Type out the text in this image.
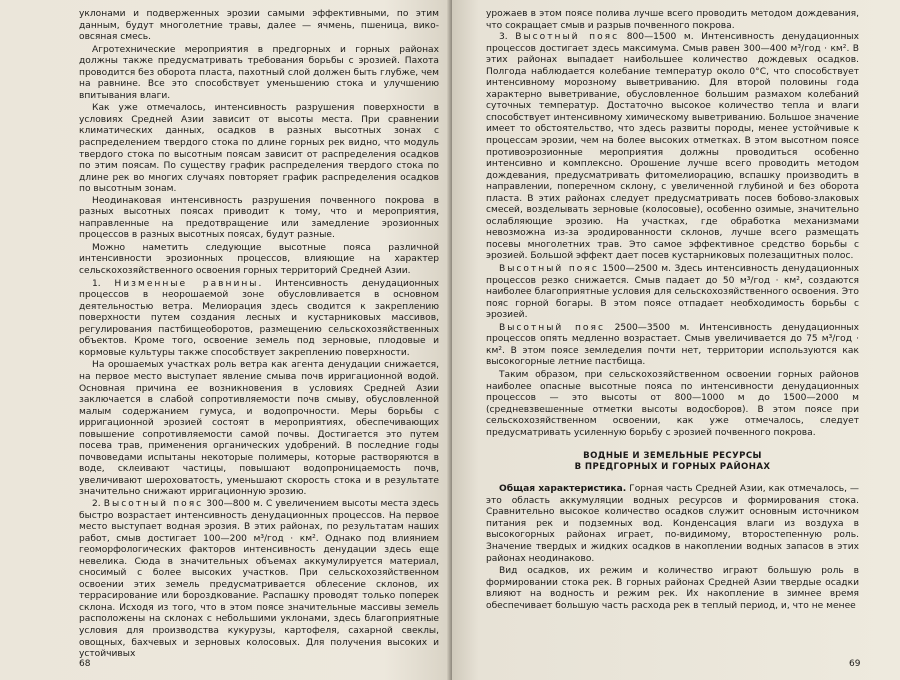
уклонами и подверженных эрозии самыми эффективными, по этим данным, будут многолетние травы, далее — ячмень, пшеница, вико-овсяная смесь.

Агротехнические мероприятия в предгорных и горных районах должны также предусматривать требования борьбы с эрозией. Пахота проводится без оборота пласта, пахотный слой должен быть глубже, чем на равнине. Все это способствует уменьшению стока и улучшению впитывания влаги.

Как уже отмечалось, интенсивность разрушения поверхности в условиях Средней Азии зависит от высоты места. При сравнении климатических данных, осадков в разных высотных зонах с распределением твердого стока по длине горных рек видно, что модуль твердого стока по высотным поясам зависит от распределения осадков по этим поясам. По существу график распределения твердого стока по длине рек во многих случаях повторяет график распределения осадков по высотным зонам.

Неодинаковая интенсивность разрушения почвенного покрова в разных высотных поясах приводит к тому, что и мероприятия, направленные на предотвращение или замедление эрозионных процессов в разных высотных поясах, будут разные.

Можно наметить следующие высотные пояса различной интенсивности эрозионных процессов, влияющие на характер сельскохозяйственного освоения горных территорий Средней Азии.

1. Низменные равнины. Интенсивность денудационных процессов в неорошаемой зоне обусловливается в основном деятельностью ветра. Мелиорация здесь сводится к закреплению поверхности путем создания лесных и кустарниковых массивов, регулирования пастбищеоборотов, размещению сельскохозяйственных объектов. Кроме того, освоение земель под зерновые, плодовые и кормовые культуры также способствует закреплению поверхности.

На орошаемых участках роль ветра как агента денудации снижается, на первое место выступает явление смыва почв ирригационной водой. Основная причина ее возникновения в условиях Средней Азии заключается в слабой сопротивляемости почв смыву, обусловленной малым содержанием гумуса, и водопрочности. Меры борьбы с ирригационной эрозией состоят в мероприятиях, обеспечивающих повышение сопротивляемости самой почвы. Достигается это путем посева трав, применения органических удобрений. В последние годы почвоведами испытаны некоторые полимеры, которые растворяются в воде, склеивают частицы, повышают водопроницаемость почв, увеличивают шероховатость, уменьшают скорость стока и в результате значительно снижают ирригационную эрозию.

2. Высотный пояс 300—800 м. С увеличением высоты места здесь быстро возрастает интенсивность денудационных процессов. На первое место выступает водная эрозия. В этих районах, по результатам наших работ, смыв достигает 100—200 м³/год · км². Однако под влиянием геоморфологических факторов интенсивность денудации здесь еще невелика. Сюда в значительных объемах аккумулируется материал, сносимый с более высоких участков. При сельскохозяйственном освоении этих земель предусматривается облесение склонов, их террасирование или бороздкование. Распашку проводят только поперек склона. Исходя из того, что в этом поясе значительные массивы земель расположены на склонах с небольшими уклонами, здесь благоприятные условия для производства кукурузы, картофеля, сахарной свеклы, овощных, бахчевых и зерновых колосовых. Для получения высоких и устойчивых

68

урожаев в этом поясе полива лучше всего проводить методом дождевания, что сокращает смыв и разрыв почвенного покрова.

3. Высотный пояс 800—1500 м. Интенсивность денудационных процессов достигает здесь максимума. Смыв равен 300—400 м³/год · км². В этих районах выпадает наибольшее количество дождевых осадков. Полгода наблюдается колебание температур около 0°С, что способствует интенсивному морозному выветриванию. Для второй половины года характерно выветривание, обусловленное большим размахом колебаний суточных температур. Достаточно высокое количество тепла и влаги способствует интенсивному химическому выветриванию. Большое значение имеет то обстоятельство, что здесь развиты породы, менее устойчивые к процессам эрозии, чем на более высоких отметках. В этом высотном поясе противоэрозионные мероприятия должны проводиться особенно интенсивно и комплексно. Орошение лучше всего проводить методом дождевания, предусматривать фитомелиорацию, вспашку производить в направлении, поперечном склону, с увеличенной глубиной и без оборота пласта. В этих районах следует предусматривать посев бобово-злаковых смесей, возделывать зерновые (колосовые), особенно озимые, значительно ослабляющие эрозию. На участках, где обработка механизмами невозможна из-за эродированности склонов, лучше всего размещать посевы многолетних трав. Это самое эффективное средство борьбы с эрозией. Большой эффект дает посев кустарниковых полезащитных полос.

Высотный пояс 1500—2500 м. Здесь интенсивность денудационных процессов резко снижается. Смыв падает до 50 м³/год · км², создаются наиболее благоприятные условия для сельскохозяйственного освоения. Это пояс горной богары. В этом поясе отпадает необходимость борьбы с эрозией.

Высотный пояс 2500—3500 м. Интенсивность денудационных процессов опять медленно возрастает. Смыв увеличивается до 75 м³/год · км². В этом поясе земледелия почти нет, территории используются как высокогорные летние пастбища.

Таким образом, при сельскохозяйственном освоении горных районов наиболее опасные высотные пояса по интенсивности денудационных процессов — это высоты от 800—1000 м до 1500—2000 м (средневзвешенные отметки высоты водосборов). В этом поясе при сельскохозяйственном освоении, как уже отмечалось, следует предусматривать усиленную борьбу с эрозией почвенного покрова.

ВОДНЫЕ И ЗЕМЕЛЬНЫЕ РЕСУРСЫ
В ПРЕДГОРНЫХ И ГОРНЫХ РАЙОНАХ

Общая характеристика. Горная часть Средней Азии, как отмечалось, — это область аккумуляции водных ресурсов и формирования стока. Сравнительно высокое количество осадков служит основным источником питания рек и подземных вод. Конденсация влаги из воздуха в высокогорных районах играет, по-видимому, второстепенную роль. Значение твердых и жидких осадков в накоплении водных запасов в этих районах неодинаково.

Вид осадков, их режим и количество играют большую роль в формировании стока рек. В горных районах Средней Азии твердые осадки влияют на водность и режим рек. Их накопление в зимнее время обеспечивает большую часть расхода рек в теплый период, и, что не менее

69
